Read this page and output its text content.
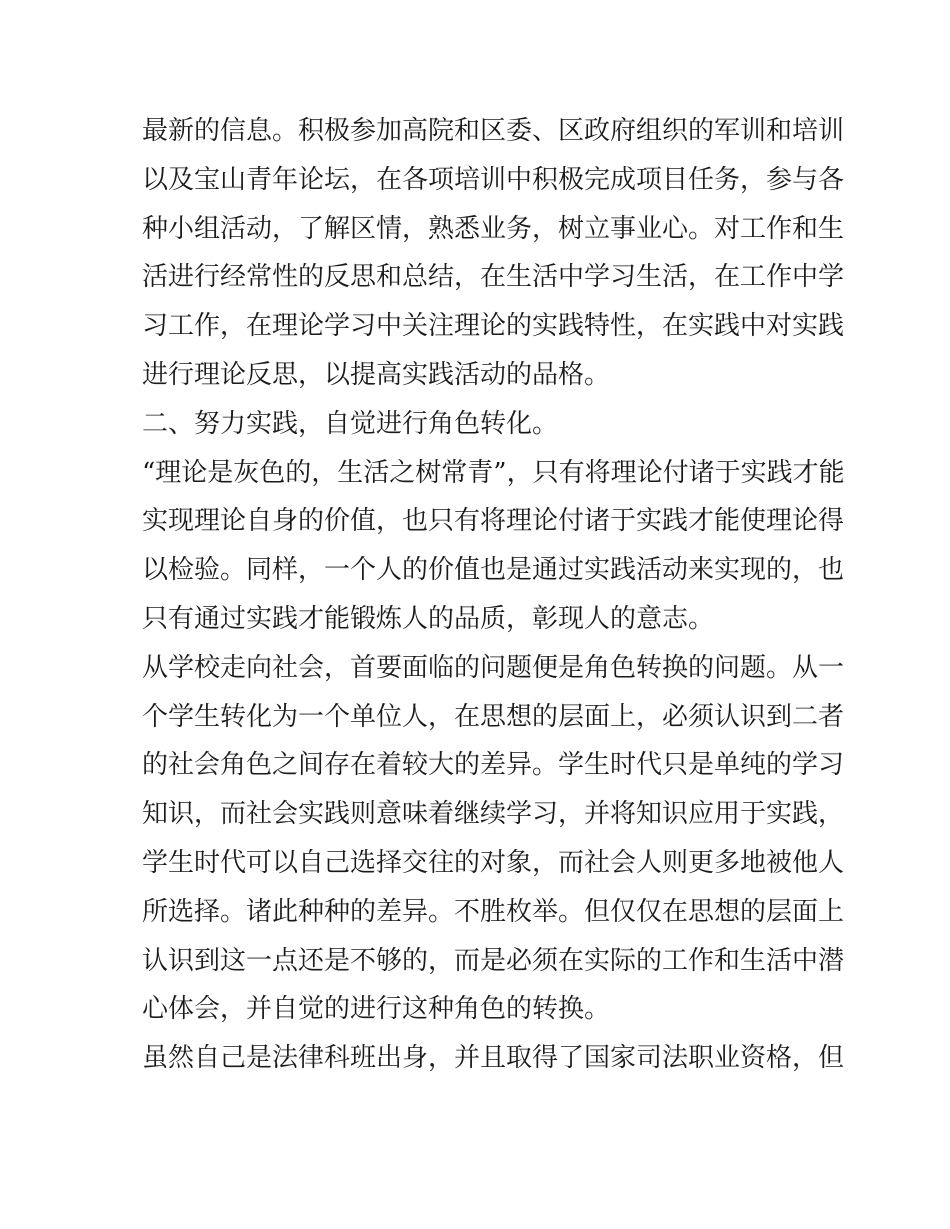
最新的信息。积极参加高院和区委、区政府组织的军训和培训
以及宝山青年论坛，在各项培训中积极完成项目任务，参与各
种小组活动，了解区情，熟悉业务，树立事业心。对工作和生
活进行经常性的反思和总结，在生活中学习生活，在工作中学
习工作，在理论学习中关注理论的实践特性，在实践中对实践
进行理论反思，以提高实践活动的品格。
二、努力实践，自觉进行角色转化。
“理论是灰色的，生活之树常青”，只有将理论付诸于实践才能
实现理论自身的价值，也只有将理论付诸于实践才能使理论得
以检验。同样，一个人的价值也是通过实践活动来实现的，也
只有通过实践才能锻炼人的品质，彰现人的意志。
从学校走向社会，首要面临的问题便是角色转换的问题。从一
个学生转化为一个单位人，在思想的层面上，必须认识到二者
的社会角色之间存在着较大的差异。学生时代只是单纯的学习
知识，而社会实践则意味着继续学习，并将知识应用于实践，
学生时代可以自己选择交往的对象，而社会人则更多地被他人
所选择。诸此种种的差异。不胜枚举。但仅仅在思想的层面上
认识到这一点还是不够的，而是必须在实际的工作和生活中潜
心体会，并自觉的进行这种角色的转换。
虽然自己是法律科班出身，并且取得了国家司法职业资格，但
